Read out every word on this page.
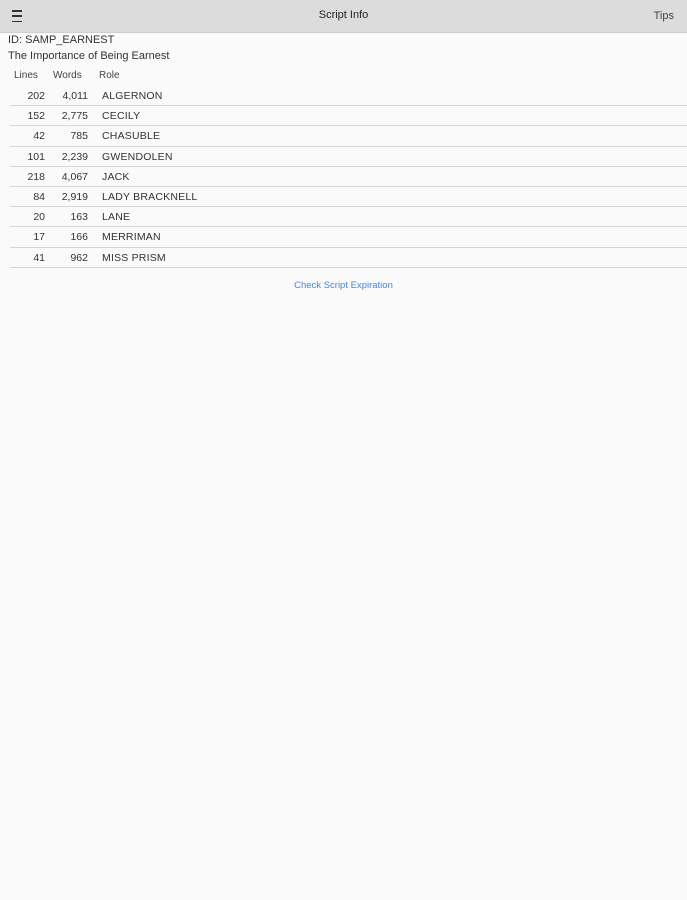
Script Info	Tips
ID: SAMP_EARNEST
The Importance of Being Earnest
Lines Words Role
202 4,011 ALGERNON
152 2,775 CECILY
42 785 CHASUBLE
101 2,239 GWENDOLEN
218 4,067 JACK
84 2,919 LADY BRACKNELL
20 163 LANE
17 166 MERRIMAN
41 962 MISS PRISM
Check Script Expiration
